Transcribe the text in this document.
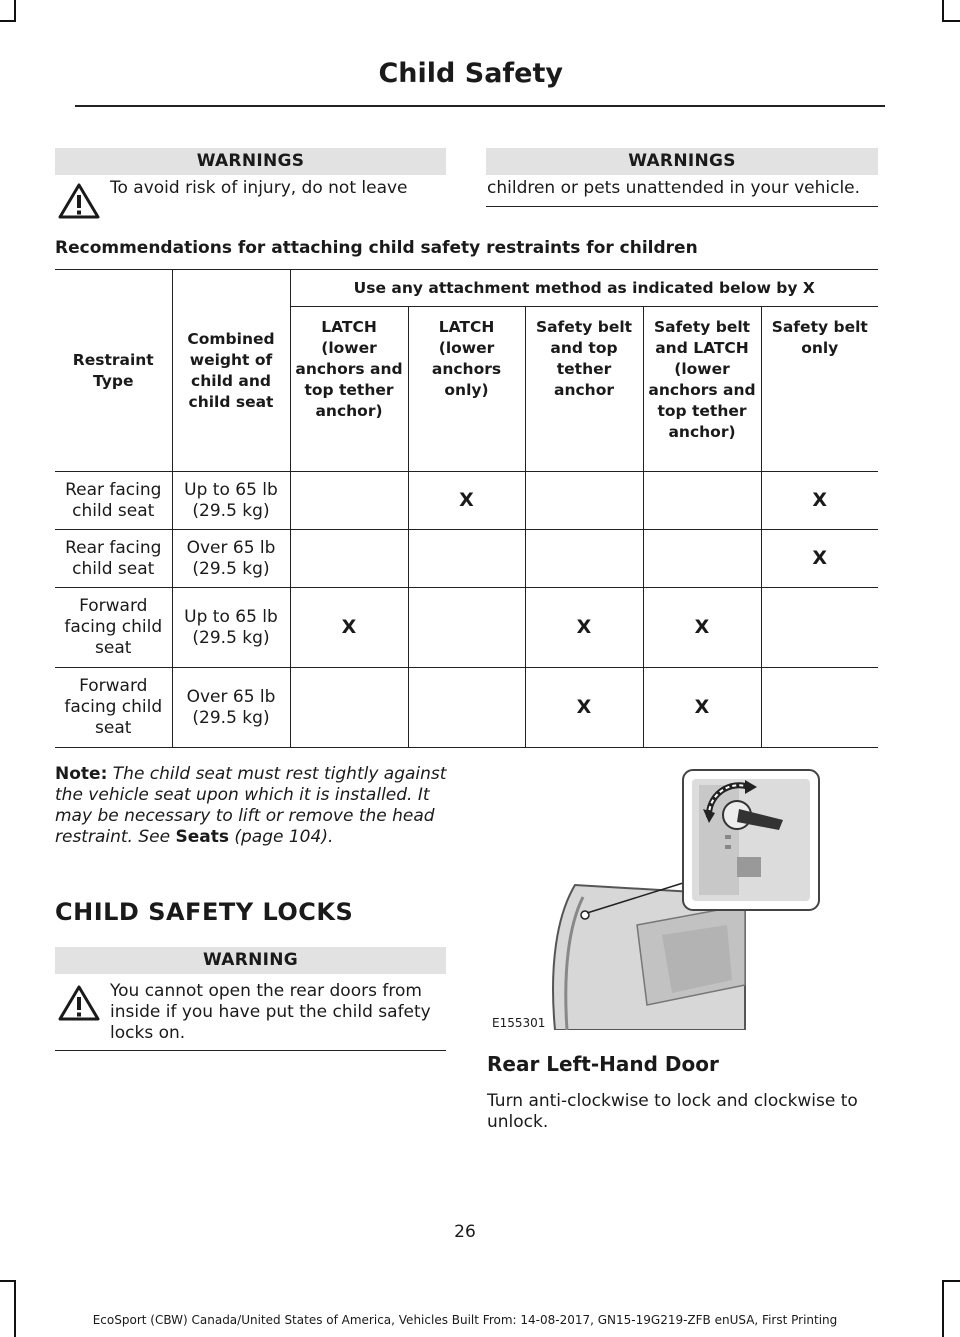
Child Safety
WARNINGS
To avoid risk of injury, do not leave
WARNINGS
children or pets unattended in your vehicle.
Recommendations for attaching child safety restraints for children
Restraint Type	Combined weight of child and child seat	Use any attachment method as indicated below by X				
		LATCH (lower anchors and top tether anchor)	LATCH (lower anchors only)	Safety belt and top tether anchor	Safety belt and LATCH (lower anchors and top tether anchor)	Safety belt only
Rear facing child seat	Up to 65 lb (29.5 kg)		X			X
Rear facing child seat	Over 65 lb (29.5 kg)					X
Forward facing child seat	Up to 65 lb (29.5 kg)	X		X	X	
Forward facing child seat	Over 65 lb (29.5 kg)			X	X	
Note: The child seat must rest tightly against the vehicle seat upon which it is installed. It may be necessary to lift or remove the head restraint. See Seats (page 104).
CHILD SAFETY LOCKS
WARNING
You cannot open the rear doors from inside if you have put the child safety locks on.	E155301
Rear Left-Hand Door
Turn anti-clockwise to lock and clockwise to unlock.
26
EcoSport (CBW) Canada/United States of America, Vehicles Built From: 14-08-2017, GN15-19G219-ZFB enUSA, First Printing
